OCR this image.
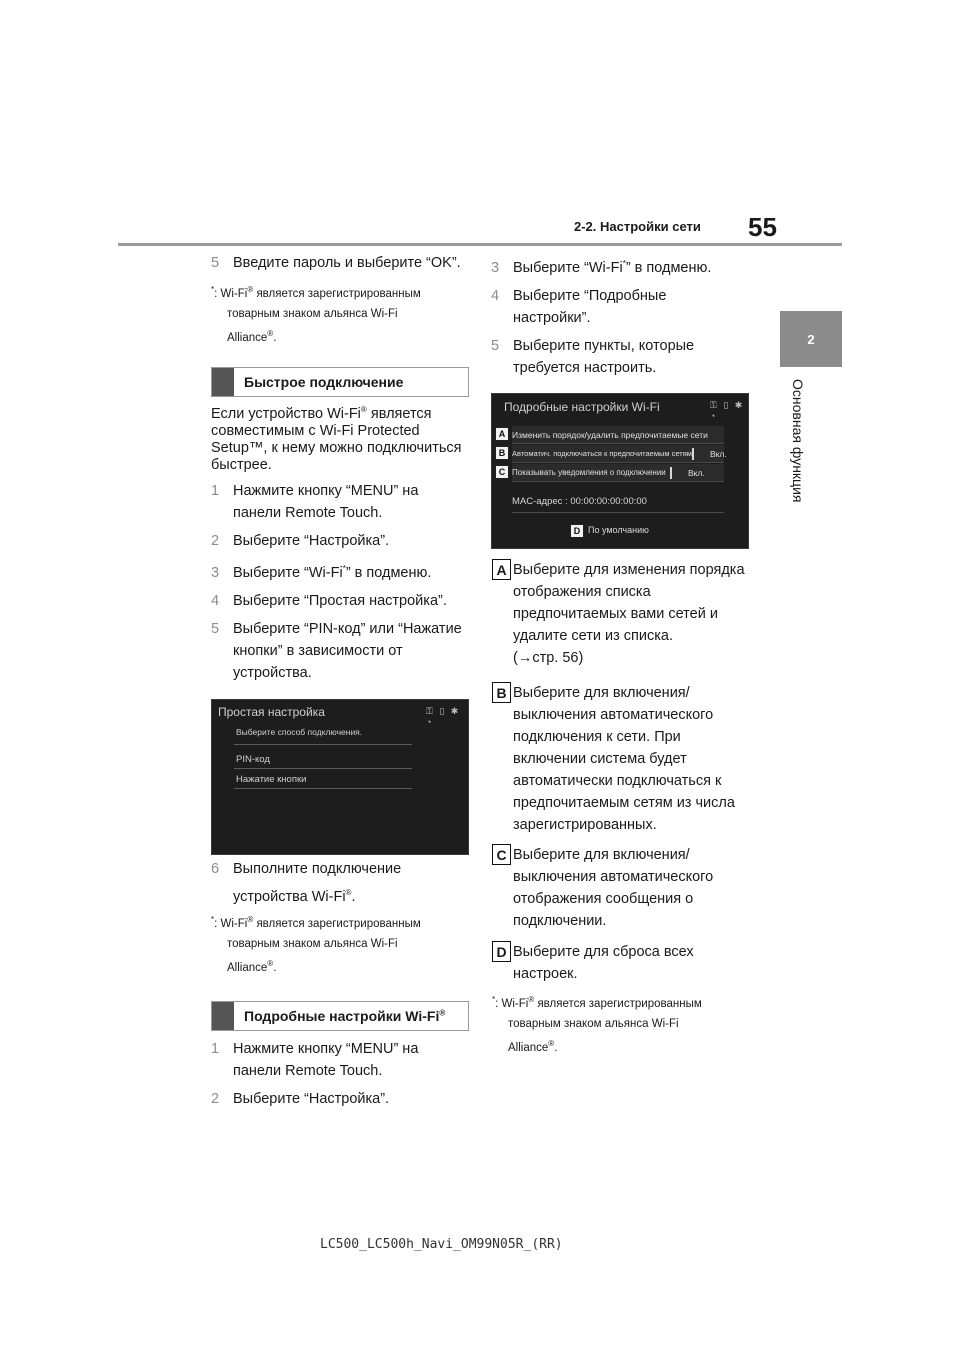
2-2. Настройки сети 55
2
Основная функция
5 Введите пароль и выберите “OK”.
*: Wi-Fi® является зарегистрированным
товарным знаком альянса Wi-Fi
Alliance®.
Быстрое подключение
Если устройство Wi-Fi® является
совместимым с Wi-Fi Protected
Setup™, к нему можно подключиться
быстрее.
1 Нажмите кнопку “MENU” на
панели Remote Touch.
2 Выберите “Настройка”.
3 Выберите “Wi-Fi*” в подменю.
4 Выберите “Простая настройка”.
5 Выберите “PIN-код” или “Нажатие
кнопки” в зависимости от
устройства.
Простая настройка	⚿ ▯ ✱ ◔
Выберите способ подключения.
PIN-код
Нажатие кнопки
6 Выполните подключение
устройства Wi-Fi®.
*: Wi-Fi® является зарегистрированным
товарным знаком альянса Wi-Fi
Alliance®.
Подробные настройки Wi-Fi®
1 Нажмите кнопку “MENU” на
панели Remote Touch.
2 Выберите “Настройка”.
3 Выберите “Wi-Fi*” в подменю.
4 Выберите “Подробные
настройки”.
5 Выберите пункты, которые
требуется настроить.
Подробные настройки Wi-Fi	⚿ ▯ ✱ ◔
Изменить порядок/удалить предпочитаемые сети
A
Автоматич. подключаться к предпочитаемым сетям Вкл.
B
Показывать уведомления о подключении	Вкл.
C
MAC-адрес : 00:00:00:00:00:00
По умолчанию
D
A Выберите для изменения порядка
отображения списка
предпочитаемых вами сетей и
удалите сети из списка.
(→стр. 56)
B Выберите для включения/
выключения автоматического
подключения к сети. При
включении система будет
автоматически подключаться к
предпочитаемым сетям из числа
зарегистрированных.
C Выберите для включения/
выключения автоматического
отображения сообщения о
подключении.
D Выберите для сброса всех
настроек.
*: Wi-Fi® является зарегистрированным
товарным знаком альянса Wi-Fi
Alliance®.
LC500_LC500h_Navi_OM99N05R_(RR)
